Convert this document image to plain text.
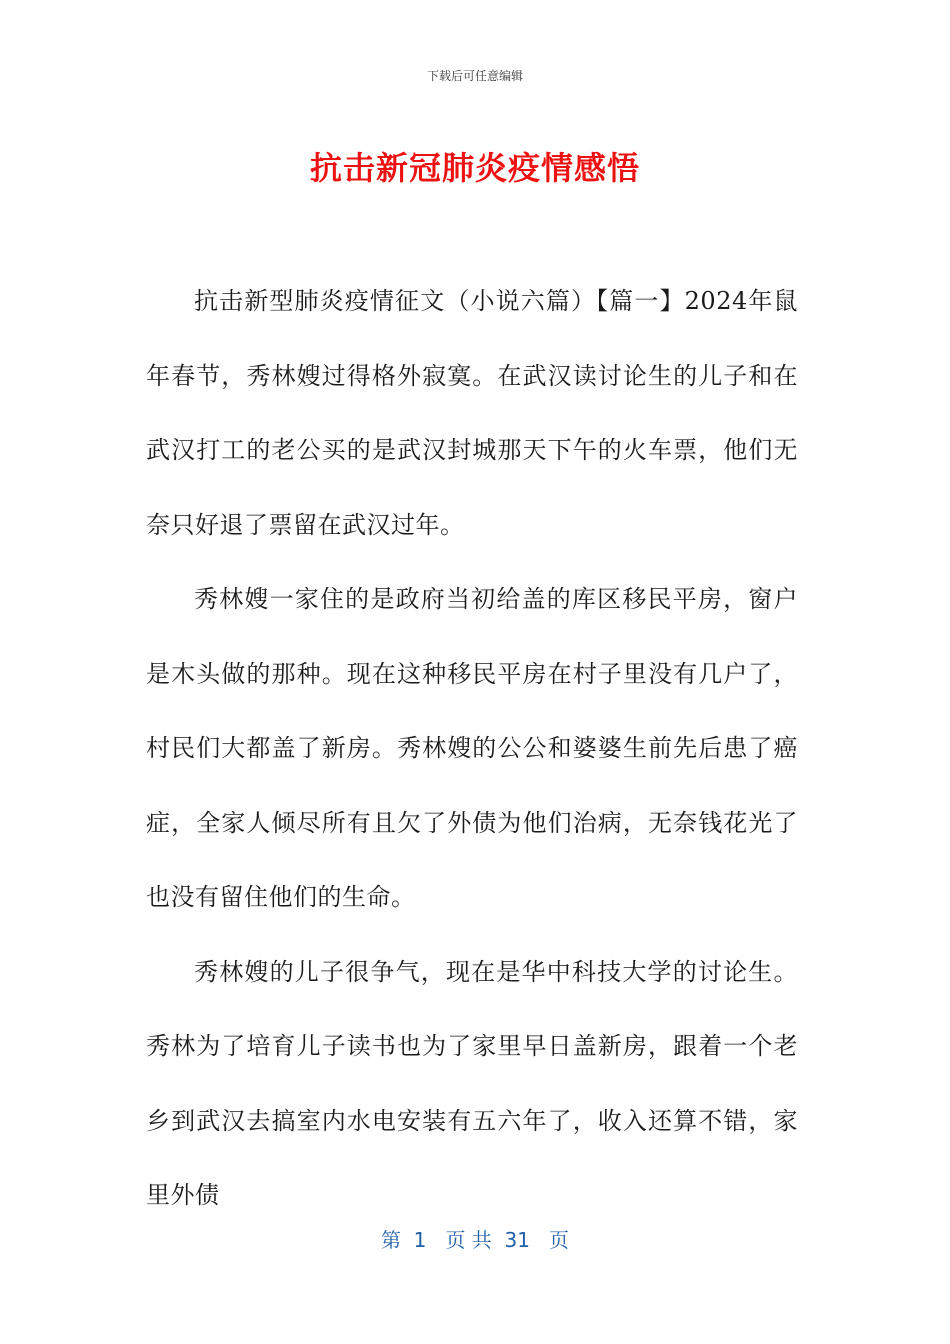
下载后可任意编辑
抗击新冠肺炎疫情感悟

抗击新型肺炎疫情征文（小说六篇）【篇一】2024年鼠年春节，秀林嫂过得格外寂寞。在武汉读讨论生的儿子和在武汉打工的老公买的是武汉封城那天下午的火车票，他们无奈只好退了票留在武汉过年。

秀林嫂一家住的是政府当初给盖的库区移民平房，窗户是木头做的那种。现在这种移民平房在村子里没有几户了，村民们大都盖了新房。秀林嫂的公公和婆婆生前先后患了癌症，全家人倾尽所有且欠了外债为他们治病，无奈钱花光了也没有留住他们的生命。

秀林嫂的儿子很争气，现在是华中科技大学的讨论生。秀林为了培育儿子读书也为了家里早日盖新房，跟着一个老乡到武汉去搞室内水电安装有五六年了，收入还算不错，家里外债

第  1   页 共  31   页
